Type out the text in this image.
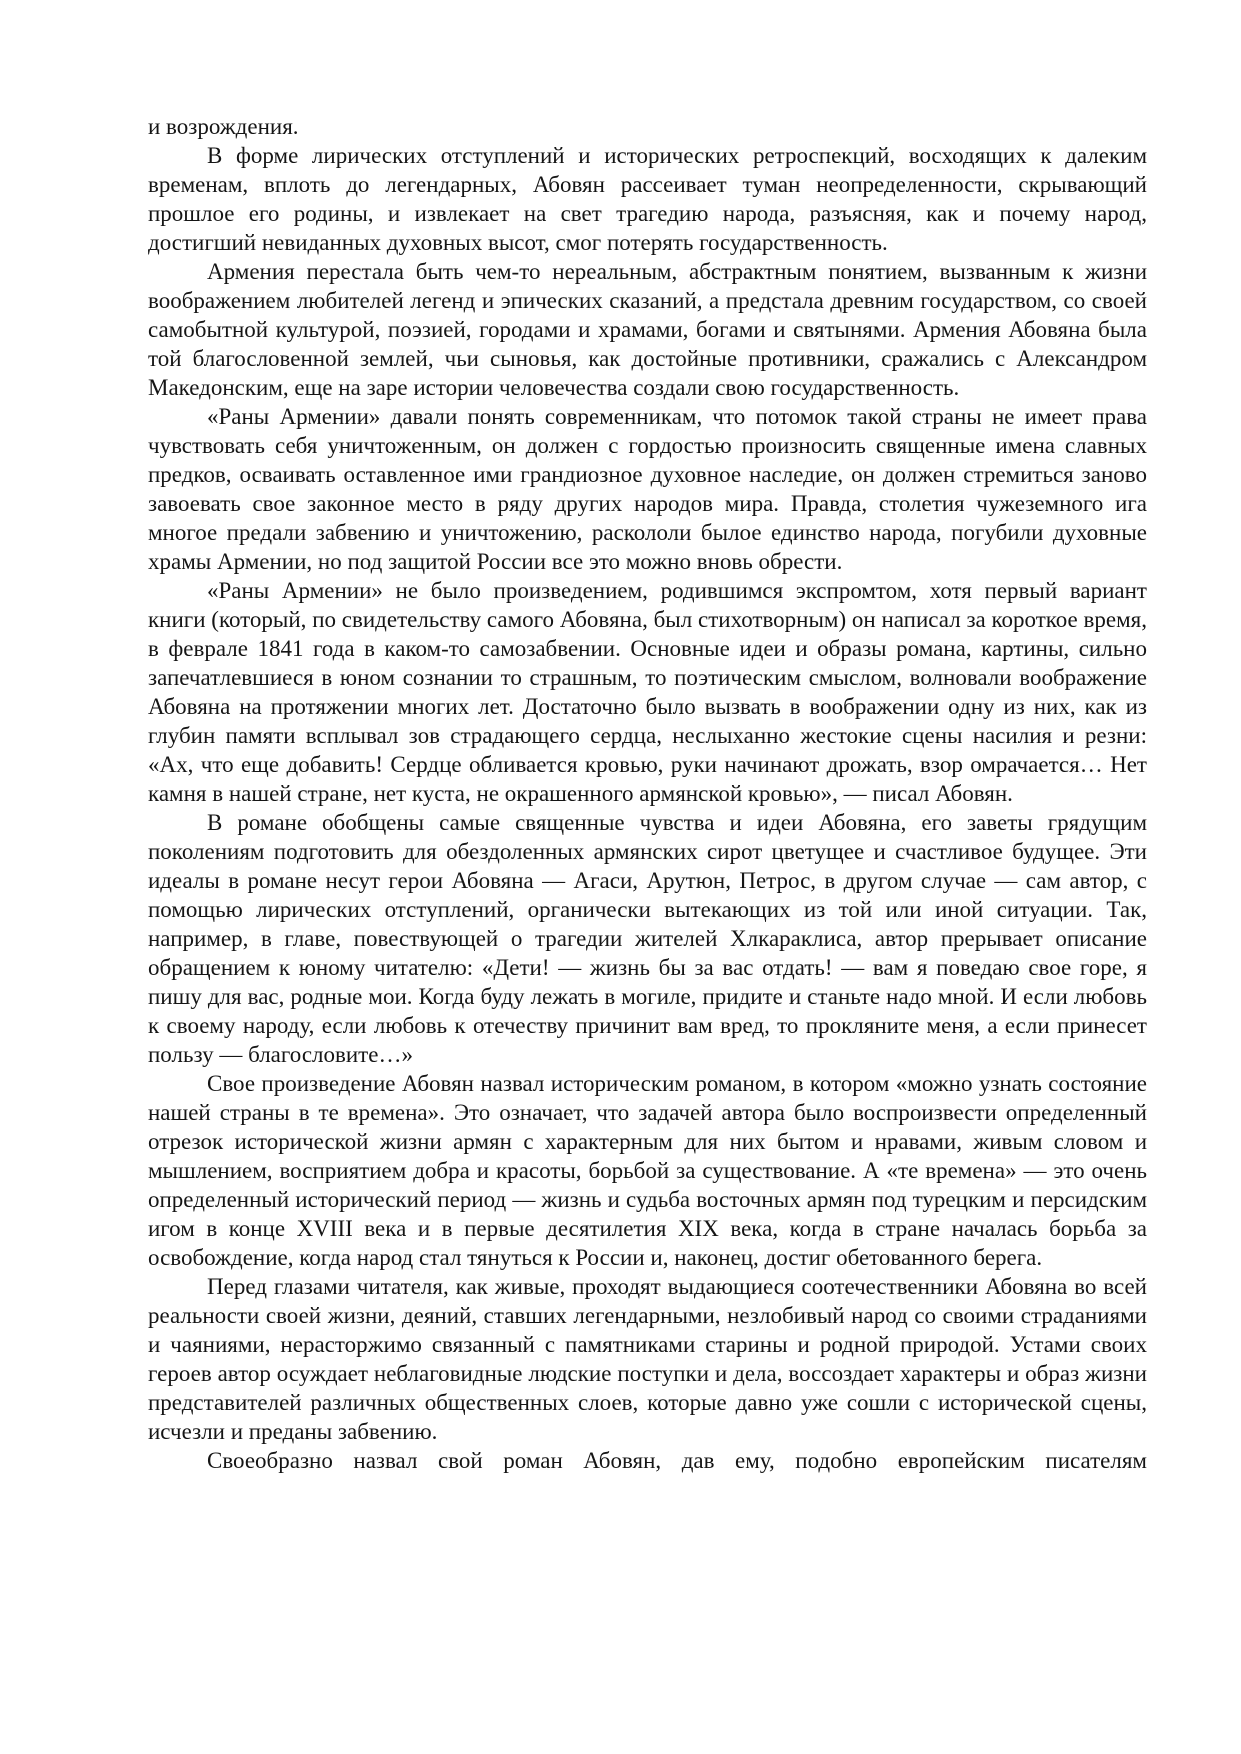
и возрождения.

В форме лирических отступлений и исторических ретроспекций, восходящих к далеким временам, вплоть до легендарных, Абовян рассеивает туман неопределенности, скрывающий прошлое его родины, и извлекает на свет трагедию народа, разъясняя, как и почему народ, достигший невиданных духовных высот, смог потерять государственность.

Армения перестала быть чем-то нереальным, абстрактным понятием, вызванным к жизни воображением любителей легенд и эпических сказаний, а предстала древним государством, со своей самобытной культурой, поэзией, городами и храмами, богами и святынями. Армения Абовяна была той благословенной землей, чьи сыновья, как достойные противники, сражались с Александром Македонским, еще на заре истории человечества создали свою государственность.

«Раны Армении» давали понять современникам, что потомок такой страны не имеет права чувствовать себя уничтоженным, он должен с гордостью произносить священные имена славных предков, осваивать оставленное ими грандиозное духовное наследие, он должен стремиться заново завоевать свое законное место в ряду других народов мира. Правда, столетия чужеземного ига многое предали забвению и уничтожению, раскололи былое единство народа, погубили духовные храмы Армении, но под защитой России все это можно вновь обрести.

«Раны Армении» не было произведением, родившимся экспромтом, хотя первый вариант книги (который, по свидетельству самого Абовяна, был стихотворным) он написал за короткое время, в феврале 1841 года в каком-то самозабвении. Основные идеи и образы романа, картины, сильно запечатлевшиеся в юном сознании то страшным, то поэтическим смыслом, волновали воображение Абовяна на протяжении многих лет. Достаточно было вызвать в воображении одну из них, как из глубин памяти всплывал зов страдающего сердца, неслыханно жестокие сцены насилия и резни: «Ах, что еще добавить! Сердце обливается кровью, руки начинают дрожать, взор омрачается… Нет камня в нашей стране, нет куста, не окрашенного армянской кровью», — писал Абовян.

В романе обобщены самые священные чувства и идеи Абовяна, его заветы грядущим поколениям подготовить для обездоленных армянских сирот цветущее и счастливое будущее. Эти идеалы в романе несут герои Абовяна — Агаси, Арутюн, Петрос, в другом случае — сам автор, с помощью лирических отступлений, органически вытекающих из той или иной ситуации. Так, например, в главе, повествующей о трагедии жителей Хлкараклиса, автор прерывает описание обращением к юному читателю: «Дети! — жизнь бы за вас отдать! — вам я поведаю свое горе, я пишу для вас, родные мои. Когда буду лежать в могиле, придите и станьте надо мной. И если любовь к своему народу, если любовь к отечеству причинит вам вред, то прокляните меня, а если принесет пользу — благословите…»

Свое произведение Абовян назвал историческим романом, в котором «можно узнать состояние нашей страны в те времена». Это означает, что задачей автора было воспроизвести определенный отрезок исторической жизни армян с характерным для них бытом и нравами, живым словом и мышлением, восприятием добра и красоты, борьбой за существование. А «те времена» — это очень определенный исторический период — жизнь и судьба восточных армян под турецким и персидским игом в конце XVIII века и в первые десятилетия XIX века, когда в стране началась борьба за освобождение, когда народ стал тянуться к России и, наконец, достиг обетованного берега.

Перед глазами читателя, как живые, проходят выдающиеся соотечественники Абовяна во всей реальности своей жизни, деяний, ставших легендарными, незлобивый народ со своими страданиями и чаяниями, нерасторжимо связанный с памятниками старины и родной природой. Устами своих героев автор осуждает неблаговидные людские поступки и дела, воссоздает характеры и образ жизни представителей различных общественных слоев, которые давно уже сошли с исторической сцены, исчезли и преданы забвению.

Своеобразно назвал свой роман Абовян, дав ему, подобно европейским писателям
